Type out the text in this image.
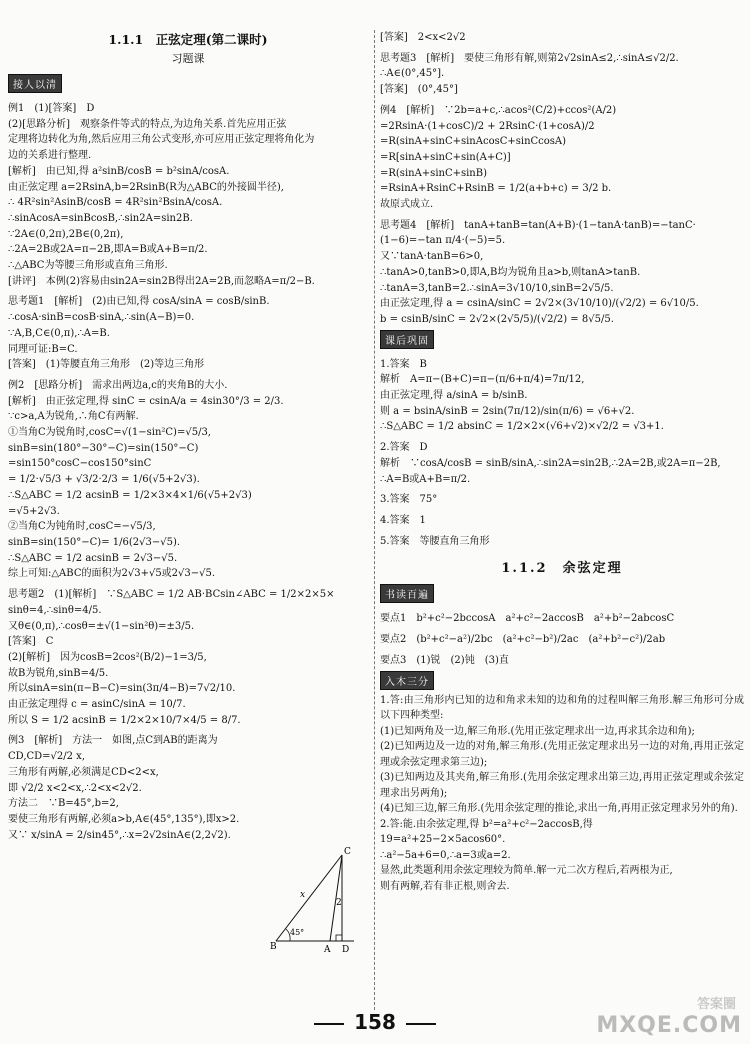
1.1.1　正弦定理(第二课时)
习题课
接人以清
例1　(1)[答案]　D
(2)[思路分析]　观察条件等式的特点,为边角关系.首先应用正弦
定理将边转化为角,然后应用三角公式变形,亦可应用正弦定理将角化为
边的关系进行整理.
[解析]　由已知,得 a²sinB/cosB = b²sinA/cosA.
由正弦定理 a=2RsinA,b=2RsinB(R为△ABC的外接圆半径),
∴ 4R²sin²AsinB/cosB = 4R²sin²BsinA/cosA.
∴sinAcosA=sinBcosB,∴sin2A=sin2B.
∵2A∈(0,2π),2B∈(0,2π),
∴2A=2B或2A=π−2B,即A=B或A+B=π/2.
∴△ABC为等腰三角形或直角三角形.
[讲评]　本例(2)容易由sin2A=sin2B得出2A=2B,而忽略A=π/2−B.
思考题1　[解析]　(2)由已知,得 cosA/sinA = cosB/sinB.
∴cosA·sinB=cosB·sinA,∴sin(A−B)=0.
∵A,B,C∈(0,π),∴A=B.
同理可证:B=C.
[答案]　(1)等腰直角三角形　(2)等边三角形
例2　[思路分析]　需求出两边a,c的夹角B的大小.
[解析]　由正弦定理,得 sinC = csinA/a = 4sin30°/3 = 2/3.
∵c>a,A为锐角,∴角C有两解.
①当角C为锐角时,cosC=√(1−sin²C)=√5/3,
sinB=sin(180°−30°−C)=sin(150°−C)
=sin150°cosC−cos150°sinC
= 1/2·√5/3 + √3/2·2/3 = 1/6(√5+2√3).
∴S△ABC = 1/2 acsinB = 1/2×3×4×1/6(√5+2√3)
=√5+2√3.
②当角C为钝角时,cosC=−√5/3,
sinB=sin(150°−C)= 1/6(2√3−√5).
∴S△ABC = 1/2 acsinB = 2√3−√5.
综上可知:△ABC的面积为2√3+√5或2√3−√5.
思考题2　(1)[解析]　∵S△ABC = 1/2 AB·BCsin∠ABC = 1/2×2×5×
sinθ=4,∴sinθ=4/5.
又θ∈(0,π),∴cosθ=±√(1−sin²θ)=±3/5.
[答案]　C
(2)[解析]　因为cosB=2cos²(B/2)−1=3/5,
故B为锐角,sinB=4/5.
所以sinA=sin(π−B−C)=sin(3π/4−B)=7√2/10.
由正弦定理得 c = asinC/sinA = 10/7.
所以 S = 1/2 acsinB = 1/2×2×10/7×4/5 = 8/7.
例3　[解析]　方法一　如图,点C到AB的距离为
CD,CD=√2/2 x,
三角形有两解,必须满足CD<2<x,
即 √2/2 x<2<x,∴2<x<2√2.
方法二　∵B=45°,b=2,
要使三角形有两解,必须a>b,A∈(45°,135°),即x>2.
又∵ x/sinA = 2/sin45°,∴x=2√2sinA∈(2,2√2).
A
B
C
D
x
2
45°
[答案]　2<x<2√2
思考题3　[解析]　要使三角形有解,则第2√2sinA≤2,∴sinA≤√2/2.
∴A∈(0°,45°].
[答案]　(0°,45°]
例4　[解析]　∵2b=a+c,∴acos²(C/2)+ccos²(A/2)
=2RsinA·(1+cosC)/2 + 2RsinC·(1+cosA)/2
=R(sinA+sinC+sinAcosC+sinCcosA)
=R[sinA+sinC+sin(A+C)]
=R(sinA+sinC+sinB)
=RsinA+RsinC+RsinB = 1/2(a+b+c) = 3/2 b.
故原式成立.
思考题4　[解析]　tanA+tanB=tan(A+B)·(1−tanA·tanB)=−tanC·
(1−6)=−tan π/4·(−5)=5.
又∵tanA·tanB=6>0,
∴tanA>0,tanB>0,即A,B均为锐角且a>b,则tanA>tanB.
∴tanA=3,tanB=2.∴sinA=3√10/10,sinB=2√5/5.
由正弦定理,得 a = csinA/sinC = 2√2×(3√10/10)/(√2/2) = 6√10/5.
b = csinB/sinC = 2√2×(2√5/5)/(√2/2) = 8√5/5.
课后巩固
1.答案　B
解析　A=π−(B+C)=π−(π/6+π/4)=7π/12,
由正弦定理,得 a/sinA = b/sinB.
则 a = bsinA/sinB = 2sin(7π/12)/sin(π/6) = √6+√2.
∴S△ABC = 1/2 absinC = 1/2×2×(√6+√2)×√2/2 = √3+1.
2.答案　D
解析　∵cosA/cosB = sinB/sinA,∴sin2A=sin2B,∴2A=2B,或2A=π−2B,
∴A=B或A+B=π/2.
3.答案　75°
4.答案　1
5.答案　等腰直角三角形
1.1.2　余弦定理
书读百遍
要点1　b²+c²−2bccosA　a²+c²−2accosB　a²+b²−2abcosC
要点2　(b²+c²−a²)/2bc　(a²+c²−b²)/2ac　(a²+b²−c²)/2ab
要点3　(1)锐　(2)钝　(3)直
入木三分
1.答:由三角形内已知的边和角求未知的边和角的过程叫解三角形.解三角形可分成以下四种类型:
(1)已知两角及一边,解三角形.(先用正弦定理求出一边,再求其余边和角);
(2)已知两边及一边的对角,解三角形.(先用正弦定理求出另一边的对角,再用正弦定理或余弦定理求第三边);
(3)已知两边及其夹角,解三角形.(先用余弦定理求出第三边,再用正弦定理或余弦定理求出另两角);
(4)已知三边,解三角形.(先用余弦定理的推论,求出一角,再用正弦定理求另外的角).
2.答:能.由余弦定理,得 b²=a²+c²−2accosB,得
19=a²+25−2×5acos60°.
∴a²−5a+6=0,∴a=3或a=2.
显然,此类题利用余弦定理较为简单.解一元二次方程后,若两根为正,
则有两解,若有非正根,则舍去.
158
答案圈
MXQE.COM
